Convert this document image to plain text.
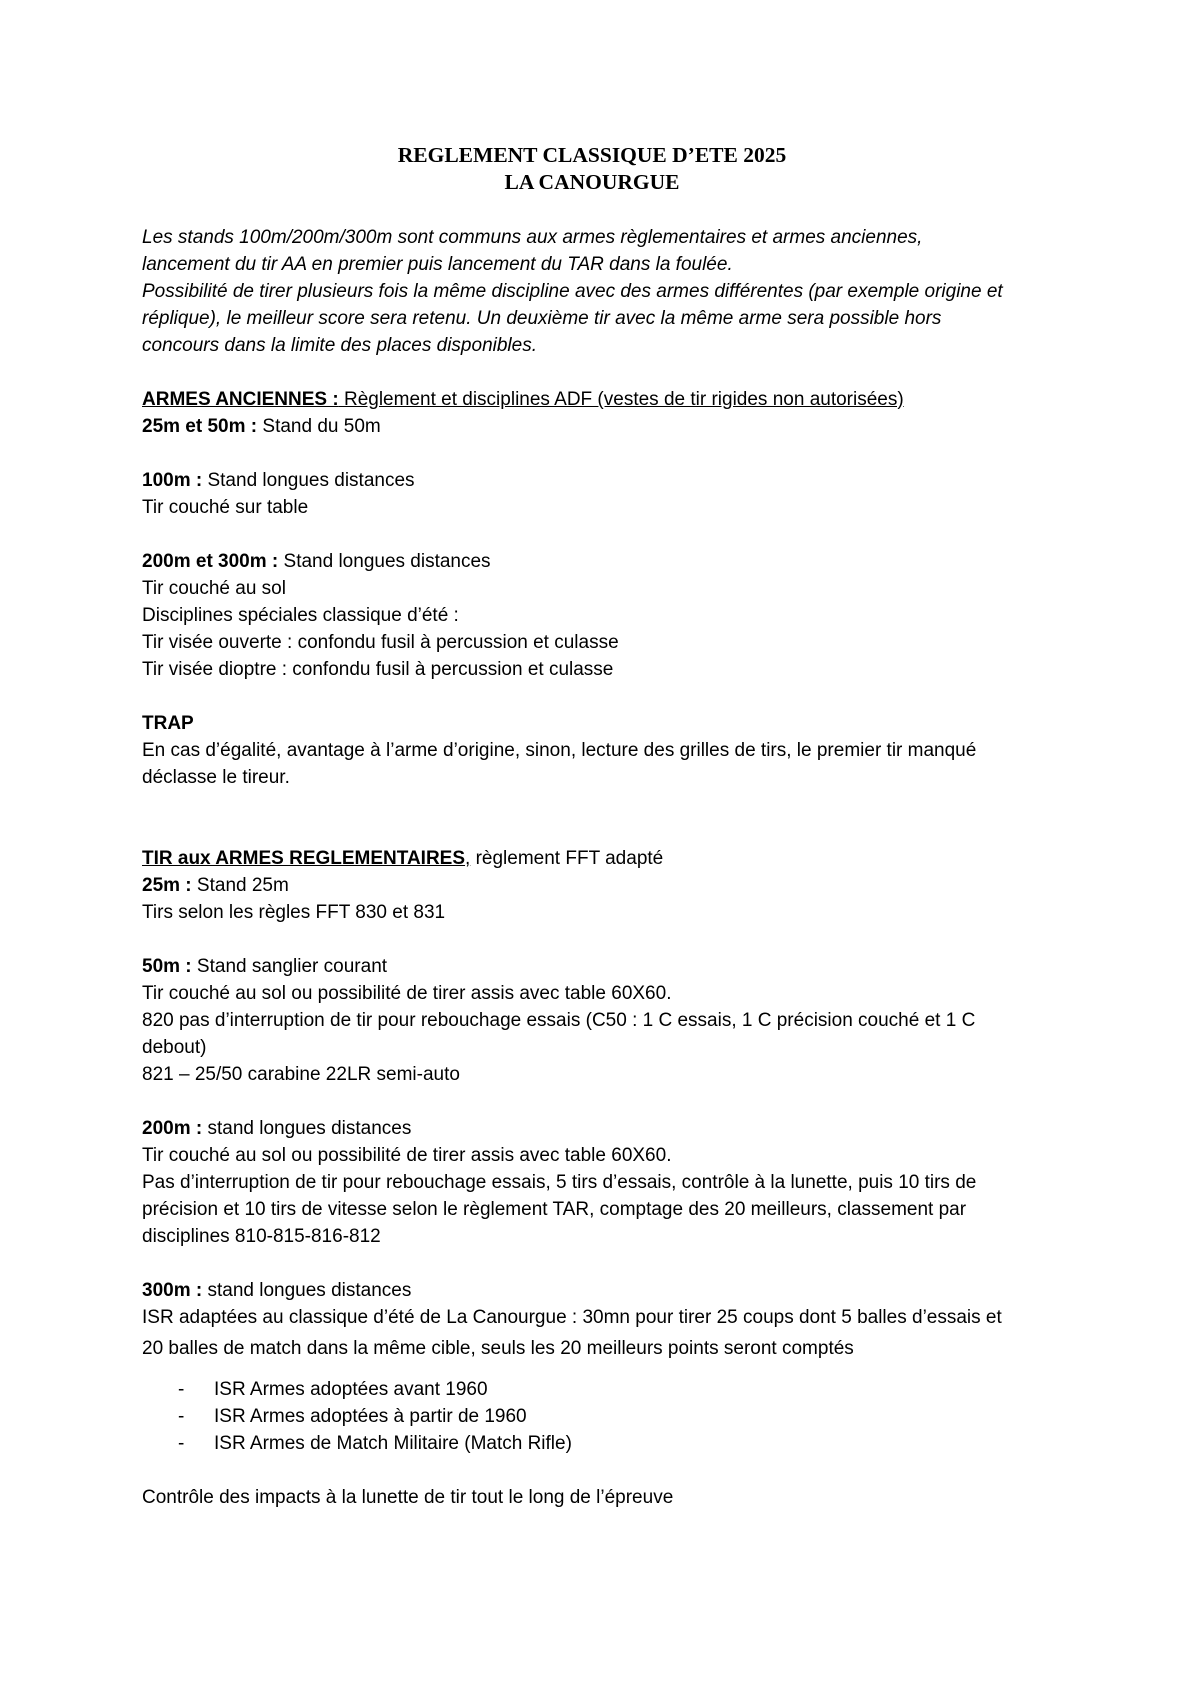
REGLEMENT CLASSIQUE D’ETE 2025
LA CANOURGUE
Les stands 100m/200m/300m sont communs aux armes règlementaires et armes anciennes,
lancement du tir AA en premier puis lancement du TAR dans la foulée.
Possibilité de tirer plusieurs fois la même discipline avec des armes différentes (par exemple origine et
réplique), le meilleur score sera retenu. Un deuxième tir avec la même arme sera possible hors
concours dans la limite des places disponibles.
ARMES ANCIENNES : Règlement et disciplines ADF (vestes de tir rigides non autorisées)
25m et 50m : Stand du 50m
100m : Stand longues distances
Tir couché sur table
200m et 300m : Stand longues distances
Tir couché au sol
Disciplines spéciales classique d’été :
Tir visée ouverte : confondu fusil à percussion et culasse
Tir visée dioptre : confondu fusil à percussion et culasse
TRAP
En cas d’égalité, avantage à l’arme d’origine, sinon, lecture des grilles de tirs, le premier tir manqué
déclasse le tireur.
TIR aux ARMES REGLEMENTAIRES, règlement FFT adapté
25m : Stand 25m
Tirs selon les règles FFT 830 et 831
50m : Stand sanglier courant
Tir couché au sol ou possibilité de tirer assis avec table 60X60.
820 pas d’interruption de tir pour rebouchage essais (C50 : 1 C essais, 1 C précision couché et 1 C
debout)
821 – 25/50 carabine 22LR semi-auto
200m : stand longues distances
Tir couché au sol ou possibilité de tirer assis avec table 60X60.
Pas d’interruption de tir pour rebouchage essais, 5 tirs d’essais, contrôle à la lunette, puis 10 tirs de
précision et 10 tirs de vitesse selon le règlement TAR, comptage des 20 meilleurs, classement par
disciplines 810-815-816-812
300m : stand longues distances
ISR adaptées au classique d’été de La Canourgue : 30mn pour tirer 25 coups dont 5 balles d’essais et
20 balles de match dans la même cible, seuls les 20 meilleurs points seront comptés
-	ISR Armes adoptées avant 1960
-	ISR Armes adoptées à partir de 1960
-	ISR Armes de Match Militaire (Match Rifle)
Contrôle des impacts à la lunette de tir tout le long de l’épreuve
